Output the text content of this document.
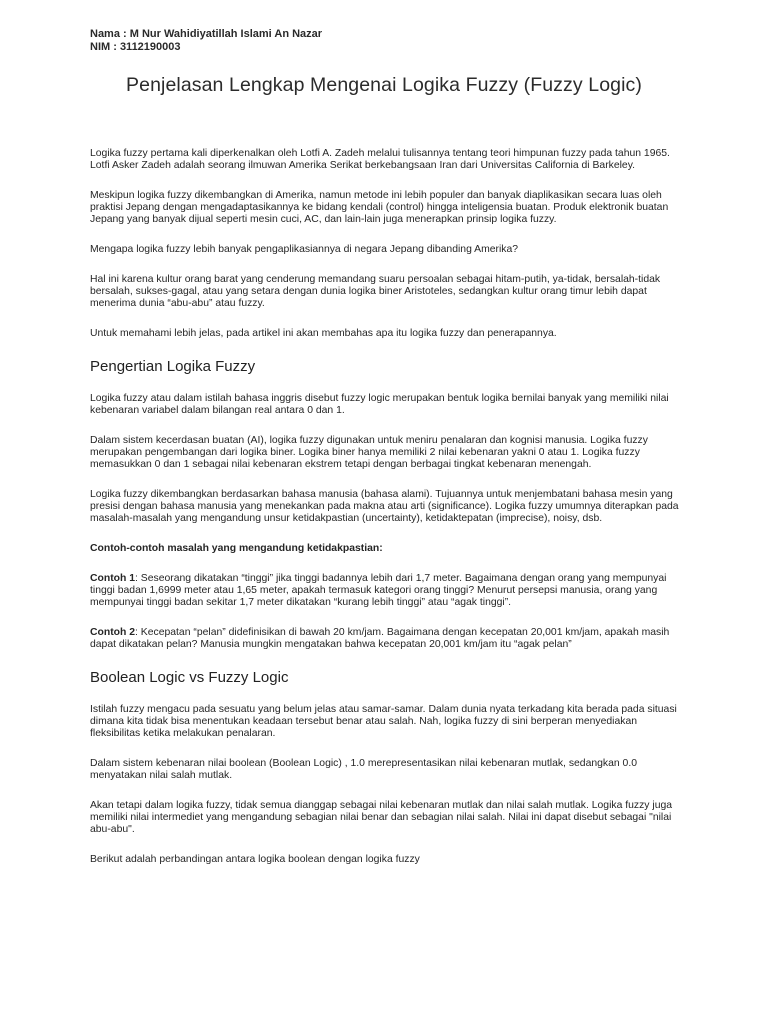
Nama : M Nur Wahidiyatillah Islami An Nazar
NIM : 3112190003
Penjelasan Lengkap Mengenai Logika Fuzzy (Fuzzy Logic)

Logika fuzzy pertama kali diperkenalkan oleh Lotfi A. Zadeh melalui tulisannya tentang teori himpunan fuzzy pada tahun 1965. Lotfi Asker Zadeh adalah seorang ilmuwan Amerika Serikat berkebangsaan Iran dari Universitas California di Barkeley.

Meskipun logika fuzzy dikembangkan di Amerika, namun metode ini lebih populer dan banyak diaplikasikan secara luas oleh praktisi Jepang dengan mengadaptasikannya ke bidang kendali (control) hingga inteligensia buatan. Produk elektronik buatan Jepang yang banyak dijual seperti mesin cuci, AC, dan lain-lain juga menerapkan prinsip logika fuzzy.

Mengapa logika fuzzy lebih banyak pengaplikasiannya di negara Jepang dibanding Amerika?

Hal ini karena kultur orang barat yang cenderung memandang suaru persoalan sebagai hitam-putih, ya-tidak, bersalah-tidak bersalah, sukses-gagal, atau yang setara dengan dunia logika biner Aristoteles, sedangkan kultur orang timur lebih dapat menerima dunia “abu-abu” atau fuzzy.

Untuk memahami lebih jelas, pada artikel ini akan membahas apa itu logika fuzzy dan penerapannya.

Pengertian Logika Fuzzy

Logika fuzzy atau dalam istilah bahasa inggris disebut fuzzy logic merupakan bentuk logika bernilai banyak yang memiliki nilai kebenaran variabel dalam bilangan real antara 0 dan 1.

Dalam sistem kecerdasan buatan (AI), logika fuzzy digunakan untuk meniru penalaran dan kognisi manusia. Logika fuzzy merupakan pengembangan dari logika biner. Logika biner hanya memiliki 2 nilai kebenaran yakni 0 atau 1. Logika fuzzy memasukkan 0 dan 1 sebagai nilai kebenaran ekstrem tetapi dengan berbagai tingkat kebenaran menengah.

Logika fuzzy dikembangkan berdasarkan bahasa manusia (bahasa alami). Tujuannya untuk menjembatani bahasa mesin yang presisi dengan bahasa manusia yang menekankan pada makna atau arti (significance). Logika fuzzy umumnya diterapkan pada masalah-masalah yang mengandung unsur ketidakpastian (uncertainty), ketidaktepatan (imprecise), noisy, dsb.

Contoh-contoh masalah yang mengandung ketidakpastian:

Contoh 1: Seseorang dikatakan “tinggi” jika tinggi badannya lebih dari 1,7 meter. Bagaimana dengan orang yang mempunyai tinggi badan 1,6999 meter atau 1,65 meter, apakah termasuk kategori orang tinggi? Menurut persepsi manusia, orang yang mempunyai tinggi badan sekitar 1,7 meter dikatakan “kurang lebih tinggi” atau “agak tinggi”.

Contoh 2: Kecepatan “pelan” didefinisikan di bawah 20 km/jam. Bagaimana dengan kecepatan 20,001 km/jam, apakah masih dapat dikatakan pelan? Manusia mungkin mengatakan bahwa kecepatan 20,001 km/jam itu “agak pelan”

Boolean Logic vs Fuzzy Logic

Istilah fuzzy mengacu pada sesuatu yang belum jelas atau samar-samar. Dalam dunia nyata terkadang kita berada pada situasi dimana kita tidak bisa menentukan keadaan tersebut benar atau salah. Nah, logika fuzzy di sini berperan menyediakan fleksibilitas ketika melakukan penalaran.

Dalam sistem kebenaran nilai boolean (Boolean Logic) , 1.0 merepresentasikan nilai kebenaran mutlak, sedangkan 0.0 menyatakan nilai salah mutlak.

Akan tetapi dalam logika fuzzy, tidak semua dianggap sebagai nilai kebenaran mutlak dan nilai salah mutlak. Logika fuzzy juga memiliki nilai intermediet yang mengandung sebagian nilai benar dan sebagian nilai salah. Nilai ini dapat disebut sebagai "nilai abu-abu".

Berikut adalah perbandingan antara logika boolean dengan logika fuzzy
